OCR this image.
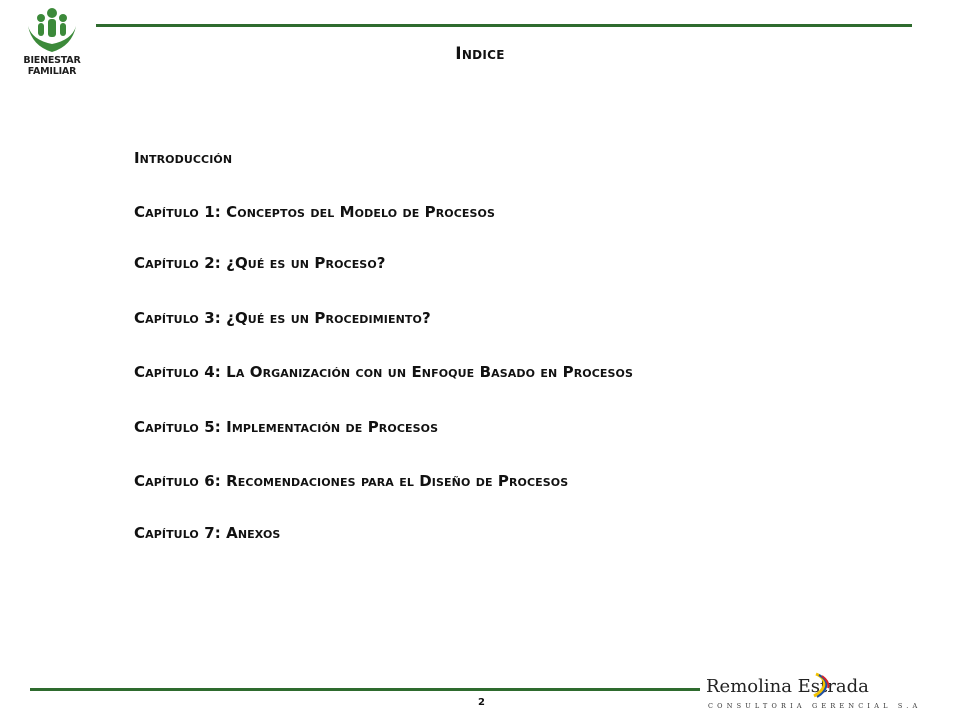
BIENESTAR
FAMILIAR
Indice
Introducción
Capítulo 1: Conceptos del Modelo de Procesos
Capítulo 2: ¿Qué es un Proceso?
Capítulo 3: ¿Qué es un Procedimiento?
Capítulo 4: La Organización con un Enfoque Basado en Procesos
Capítulo 5: Implementación de Procesos
Capítulo 6: Recomendaciones para el Diseño de Procesos
Capítulo 7: Anexos
2
Remolina Estrada
CONSULTORIA GERENCIAL S.A
